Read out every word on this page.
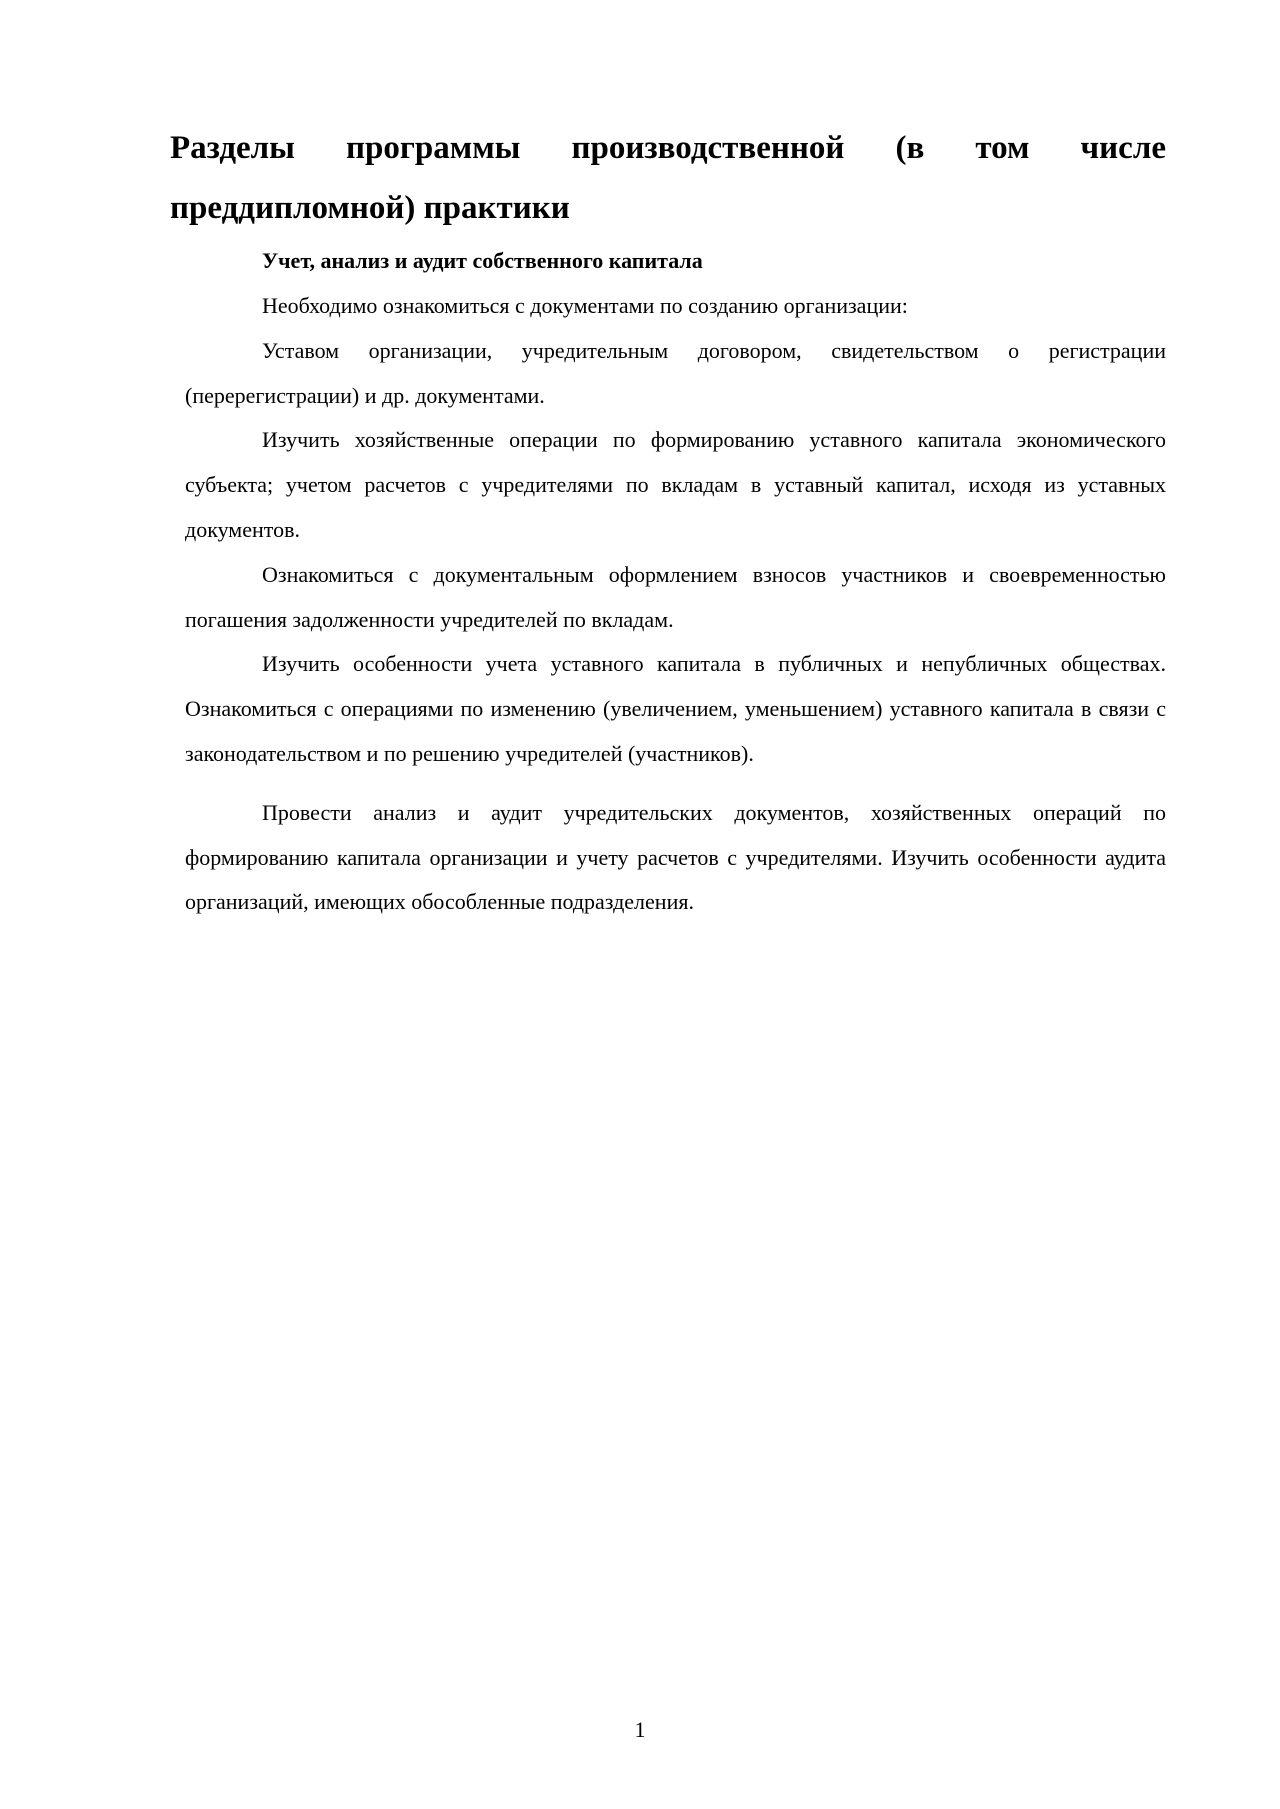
Разделы программы производственной (в том числе преддипломной) практики

Учет, анализ и аудит собственного капитала

Необходимо ознакомиться с документами по созданию организации:

Уставом организации, учредительным договором, свидетельством о регистрации (перерегистрации) и др. документами.

Изучить хозяйственные операции по формированию уставного капитала экономического субъекта; учетом расчетов с учредителями по вкладам в уставный капитал, исходя из уставных документов.

Ознакомиться с документальным оформлением взносов участников и своевременностью погашения задолженности учредителей по вкладам.

Изучить особенности учета уставного капитала в публичных и непубличных обществах. Ознакомиться с операциями по изменению (увеличением, уменьшением) уставного капитала в связи с законодательством и по решению учредителей (участников).

Провести анализ и аудит учредительских документов, хозяйственных операций по формированию капитала организации и учету расчетов с учредителями. Изучить особенности аудита организаций, имеющих обособленные подразделения.

1
